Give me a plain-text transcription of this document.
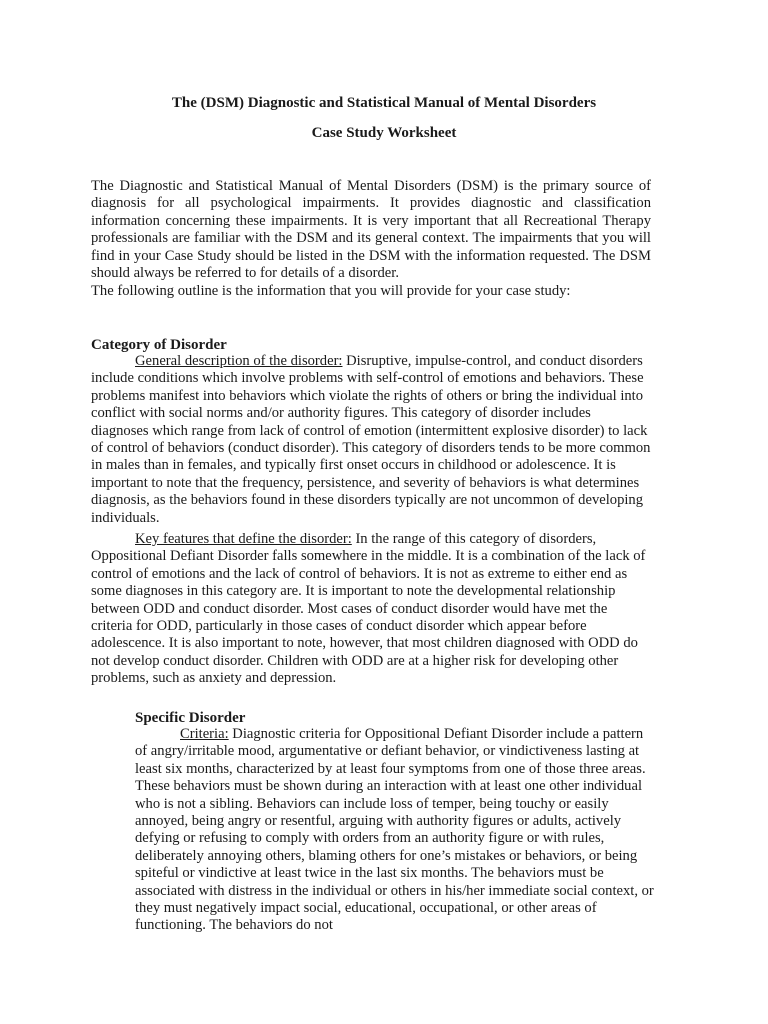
The (DSM) Diagnostic and Statistical Manual of Mental Disorders
Case Study Worksheet
The Diagnostic and Statistical Manual of Mental Disorders (DSM) is the primary source of diagnosis for all psychological impairments. It provides diagnostic and classification information concerning these impairments. It is very important that all Recreational Therapy professionals are familiar with the DSM and its general context. The impairments that you will find in your Case Study should be listed in the DSM with the information requested. The DSM should always be referred to for details of a disorder.
The following outline is the information that you will provide for your case study:
Category of Disorder
General description of the disorder: Disruptive, impulse-control, and conduct disorders include conditions which involve problems with self-control of emotions and behaviors. These problems manifest into behaviors which violate the rights of others or bring the individual into conflict with social norms and/or authority figures. This category of disorder includes diagnoses which range from lack of control of emotion (intermittent explosive disorder) to lack of control of behaviors (conduct disorder). This category of disorders tends to be more common in males than in females, and typically first onset occurs in childhood or adolescence. It is important to note that the frequency, persistence, and severity of behaviors is what determines diagnosis, as the behaviors found in these disorders typically are not uncommon of developing individuals.
Key features that define the disorder: In the range of this category of disorders, Oppositional Defiant Disorder falls somewhere in the middle. It is a combination of the lack of control of emotions and the lack of control of behaviors. It is not as extreme to either end as some diagnoses in this category are. It is important to note the developmental relationship between ODD and conduct disorder. Most cases of conduct disorder would have met the criteria for ODD, particularly in those cases of conduct disorder which appear before adolescence. It is also important to note, however, that most children diagnosed with ODD do not develop conduct disorder. Children with ODD are at a higher risk for developing other problems, such as anxiety and depression.
Specific Disorder
Criteria: Diagnostic criteria for Oppositional Defiant Disorder include a pattern of angry/irritable mood, argumentative or defiant behavior, or vindictiveness lasting at least six months, characterized by at least four symptoms from one of those three areas. These behaviors must be shown during an interaction with at least one other individual who is not a sibling. Behaviors can include loss of temper, being touchy or easily annoyed, being angry or resentful, arguing with authority figures or adults, actively defying or refusing to comply with orders from an authority figure or with rules, deliberately annoying others, blaming others for one’s mistakes or behaviors, or being spiteful or vindictive at least twice in the last six months. The behaviors must be associated with distress in the individual or others in his/her immediate social context, or they must negatively impact social, educational, occupational, or other areas of functioning. The behaviors do not
